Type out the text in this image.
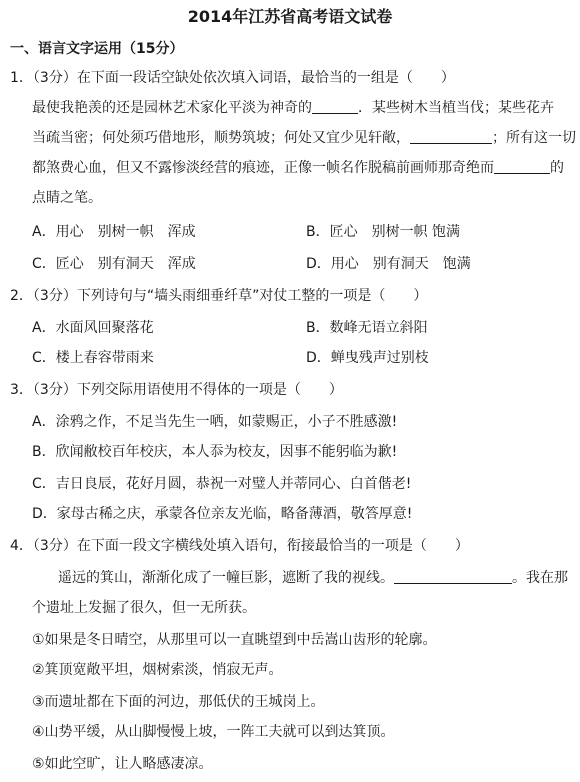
2014年江苏省高考语文试卷
一、语言文字运用（15分）
1．（3分）在下面一段话空缺处依次填入词语，最恰当的一组是（　　）
最使我艳羡的还是园林艺术家化平淡为神奇的	．某些树木当植当伐；某些花卉
当疏当密；何处须巧借地形，顺势筑坡；何处又宜少见轩敞，	；所有这一切
都煞费心血，但又不露惨淡经营的痕迹，正像一帧名作脱稿前画师那奇绝而	的
点睛之笔。
A．用心　别树一帜　浑成	B．匠心　别树一帜 饱满
C．匠心　别有洞天　浑成	D．用心　别有洞天　饱满
2．（3分）下列诗句与“墙头雨细垂纤草”对仗工整的一项是（　　）
A．水面风回聚落花	B．数峰无语立斜阳
C．楼上春容带雨来	D．蝉曳残声过别枝
3．（3分）下列交际用语使用不得体的一项是（　　）
A．涂鸦之作，不足当先生一哂，如蒙赐正，小子不胜感激!
B．欣闻敝校百年校庆，本人忝为校友，因事不能躬临为歉!
C．吉日良辰，花好月圆，恭祝一对璧人并蒂同心、白首偕老!
D．家母古稀之庆，承蒙各位亲友光临，略备薄酒，敬答厚意!
4．（3分）在下面一段文字横线处填入语句，衔接最恰当的一项是（　　）
遥远的箕山，渐渐化成了一幢巨影，遮断了我的视线。	。我在那
个遗址上发掘了很久，但一无所获。
①如果是冬日晴空，从那里可以一直眺望到中岳嵩山齿形的轮廓。
②箕顶宽敞平坦，烟树索淡，悄寂无声。
③而遗址都在下面的河边，那低伏的王城岗上。
④山势平缓，从山脚慢慢上坡，一阵工夫就可以到达箕顶。
⑤如此空旷，让人略感凄凉。
